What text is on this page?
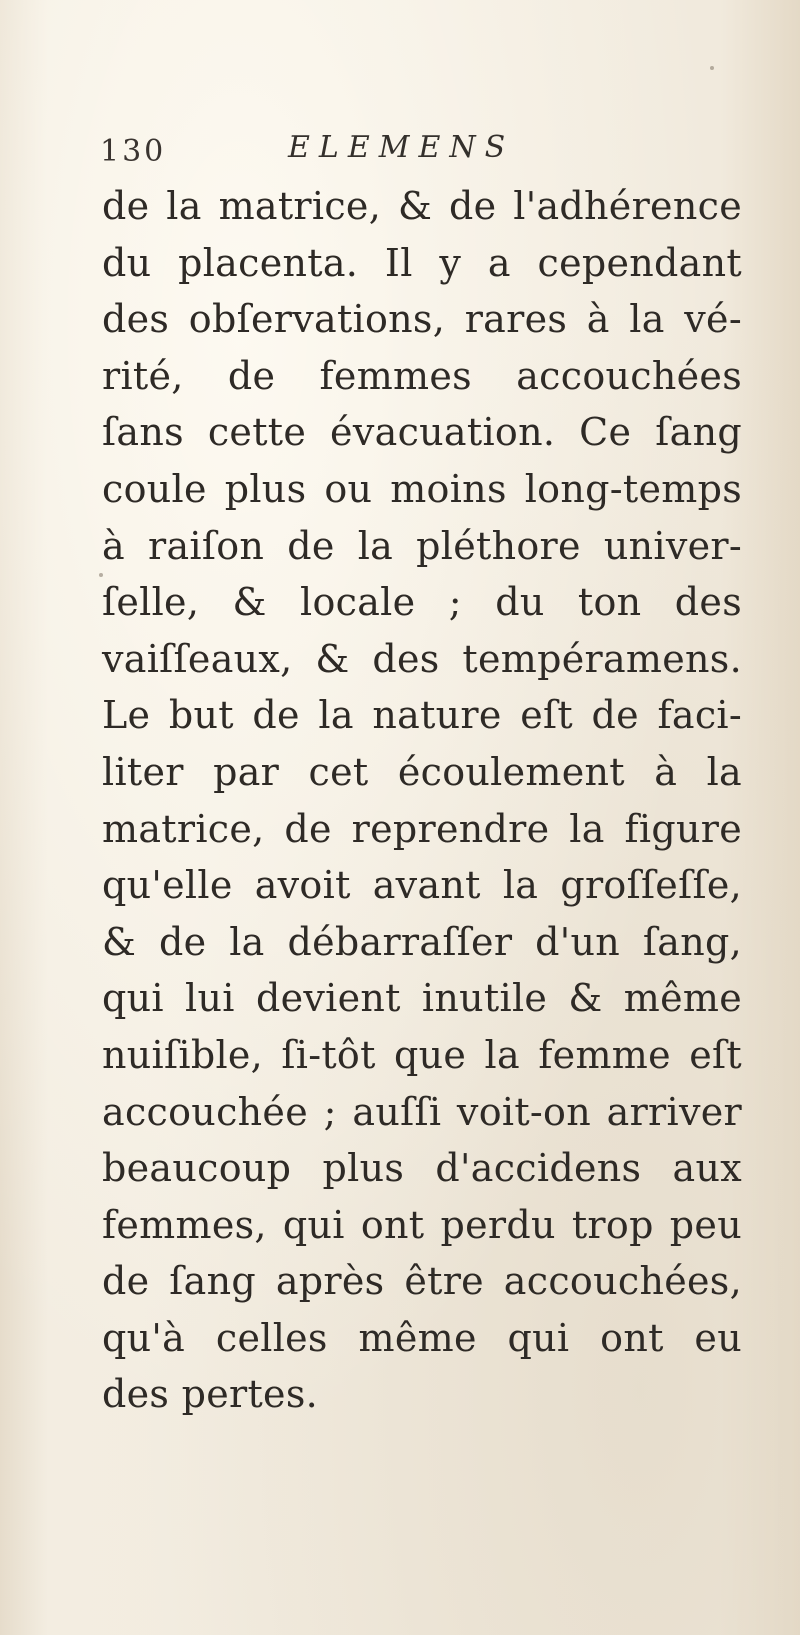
130	ELEMENS
de la matrice, & de l'adhérence
du placenta. Il y a cependant
des obſervations, rares à la vé-
rité, de femmes accouchées
ſans cette évacuation. Ce ſang
coule plus ou moins long-temps
à raiſon de la pléthore univer-
ſelle, & locale ; du ton des
vaiſſeaux, & des tempéramens.
Le but de la nature eſt de faci-
liter par cet écoulement à la
matrice, de reprendre la figure
qu'elle avoit avant la groſſeſſe,
& de la débarraſſer d'un ſang,
qui lui devient inutile & même
nuiſible, ſi-tôt que la femme eſt
accouchée ; auſſi voit-on arriver
beaucoup plus d'accidens aux
femmes, qui ont perdu trop peu
de ſang après être accouchées,
qu'à celles même qui ont eu
des pertes.
